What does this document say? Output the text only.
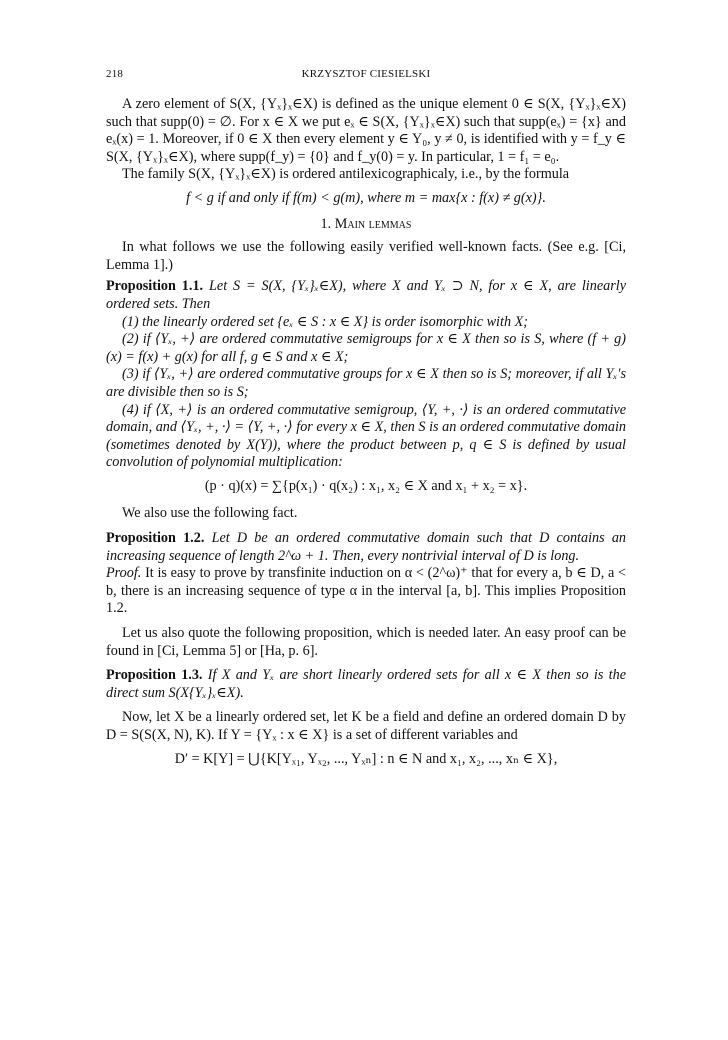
218	KRZYSZTOF CIESIELSKI

A zero element of S(X, {Yₓ}ₓ∈X) is defined as the unique element 0 ∈ S(X, {Yₓ}ₓ∈X) such that supp(0) = ∅. For x ∈ X we put eₓ ∈ S(X, {Yₓ}ₓ∈X) such that supp(eₓ) = {x} and eₓ(x) = 1. Moreover, if 0 ∈ X then every element y ∈ Y₀, y ≠ 0, is identified with y = f_y ∈ S(X, {Yₓ}ₓ∈X), where supp(f_y) = {0} and f_y(0) = y. In particular, 1 = f₁ = e₀.

The family S(X, {Yₓ}ₓ∈X) is ordered antilexicographicaly, i.e., by the formula

f < g if and only if f(m) < g(m), where m = max{x : f(x) ≠ g(x)}.

1. Main lemmas

In what follows we use the following easily verified well-known facts. (See e.g. [Ci, Lemma 1].)

Proposition 1.1. Let S = S(X, {Yₓ}ₓ∈X), where X and Yₓ ⊃ N, for x ∈ X, are linearly ordered sets. Then

(1) the linearly ordered set {eₓ ∈ S : x ∈ X} is order isomorphic with X;

(2) if ⟨Yₓ, +⟩ are ordered commutative semigroups for x ∈ X then so is S, where (f + g)(x) = f(x) + g(x) for all f, g ∈ S and x ∈ X;

(3) if ⟨Yₓ, +⟩ are ordered commutative groups for x ∈ X then so is S; moreover, if all Yₓ's are divisible then so is S;

(4) if ⟨X, +⟩ is an ordered commutative semigroup, ⟨Y, +, ·⟩ is an ordered commutative domain, and ⟨Yₓ, +, ·⟩ = ⟨Y, +, ·⟩ for every x ∈ X, then S is an ordered commutative domain (sometimes denoted by X(Y)), where the product between p, q ∈ S is defined by usual convolution of polynomial multiplication:

(p · q)(x) = ∑{p(x₁) · q(x₂) : x₁, x₂ ∈ X and x₁ + x₂ = x}.

We also use the following fact.

Proposition 1.2. Let D be an ordered commutative domain such that D contains an increasing sequence of length 2^ω + 1. Then, every nontrivial interval of D is long.

Proof. It is easy to prove by transfinite induction on α < (2^ω)⁺ that for every a, b ∈ D, a < b, there is an increasing sequence of type α in the interval [a, b]. This implies Proposition 1.2.

Let us also quote the following proposition, which is needed later. An easy proof can be found in [Ci, Lemma 5] or [Ha, p. 6].

Proposition 1.3. If X and Yₓ are short linearly ordered sets for all x ∈ X then so is the direct sum S(X{Yₓ}ₓ∈X).

Now, let X be a linearly ordered set, let K be a field and define an ordered domain D by D = S(S(X, N), K). If Y = {Yₓ : x ∈ X} is a set of different variables and

D′ = K[Y] = ⋃{K[Yₓ₁, Yₓ₂, ..., Yₓₙ] : n ∈ N and x₁, x₂, ..., xₙ ∈ X},
